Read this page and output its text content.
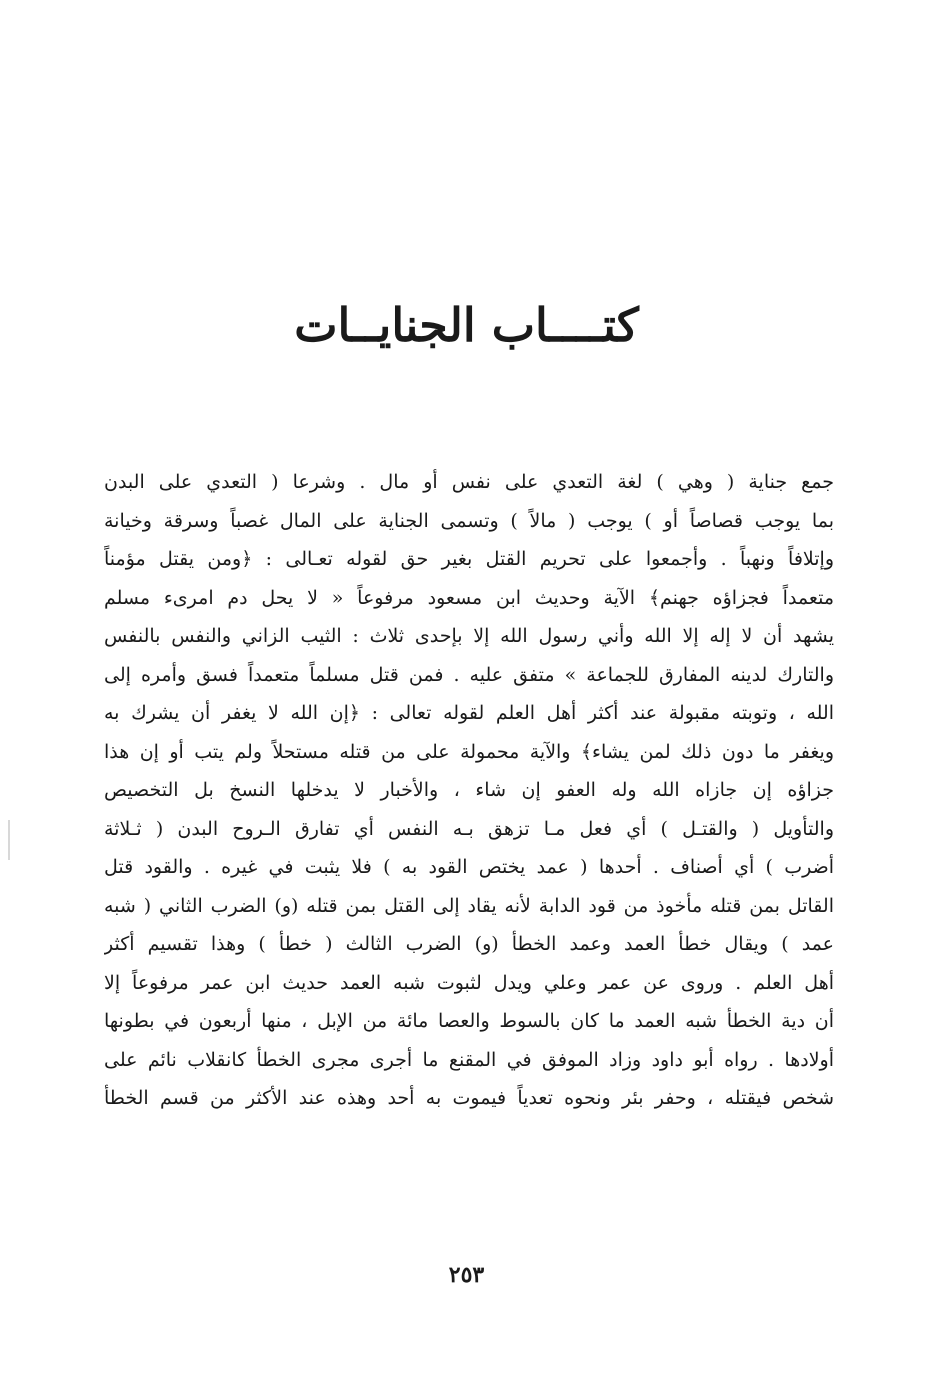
كتــــاب الجنايــات
جمع جناية ( وهي ) لغة التعدي على نفس أو مال . وشرعا ( التعدي على البدن
بما يوجب قصاصاً أو ) يوجب ( مالاً ) وتسمى الجناية على المال غصباً وسرقة وخيانة
وإتلافاً ونهباً . وأجمعوا على تحريم القتل بغير حق لقوله تعـالى : ﴿ومن يقتل مؤمناً
متعمداً فجزاؤه جهنم﴾ الآية وحديث ابن مسعود مرفوعاً « لا يحل دم امرىء مسلم
يشهد أن لا إله إلا الله وأني رسول الله إلا بإحدى ثلاث : الثيب الزاني والنفس بالنفس
والتارك لدينه المفارق للجماعة » متفق عليه . فمن قتل مسلماً متعمداً فسق وأمره إلى
الله ، وتوبته مقبولة عند أكثر أهل العلم لقوله تعالى : ﴿إن الله لا يغفر أن يشرك به
ويغفر ما دون ذلك لمن يشاء﴾ والآية محمولة على من قتله مستحلاً ولم يتب أو إن هذا
جزاؤه إن جازاه الله وله العفو إن شاء ، والأخبار لا يدخلها النسخ بل التخصيص
والتأويل ( والقتـل ) أي فعل مـا تزهق بـه النفس أي تفارق الـروح البدن ( ثـلاثة
أضرب ) أي أصناف . أحدها ( عمد يختص القود به ) فلا يثبت في غيره . والقود قتل
القاتل بمن قتله مأخوذ من قود الدابة لأنه يقاد إلى القتل بمن قتله (و) الضرب الثاني ( شبه
عمد ) ويقال خطأ العمد وعمد الخطأ (و) الضرب الثالث ( خطأ ) وهذا تقسيم أكثر
أهل العلم . وروى عن عمر وعلي ويدل لثبوت شبه العمد حديث ابن عمر مرفوعاً إلا
أن دية الخطأ شبه العمد ما كان بالسوط والعصا مائة من الإبل ، منها أربعون في بطونها
أولادها . رواه أبو داود وزاد الموفق في المقنع ما أجرى مجرى الخطأ كانقلاب نائم على
شخص فيقتله ، وحفر بئر ونحوه تعدياً فيموت به أحد وهذه عند الأكثر من قسم الخطأ
٢٥٣
